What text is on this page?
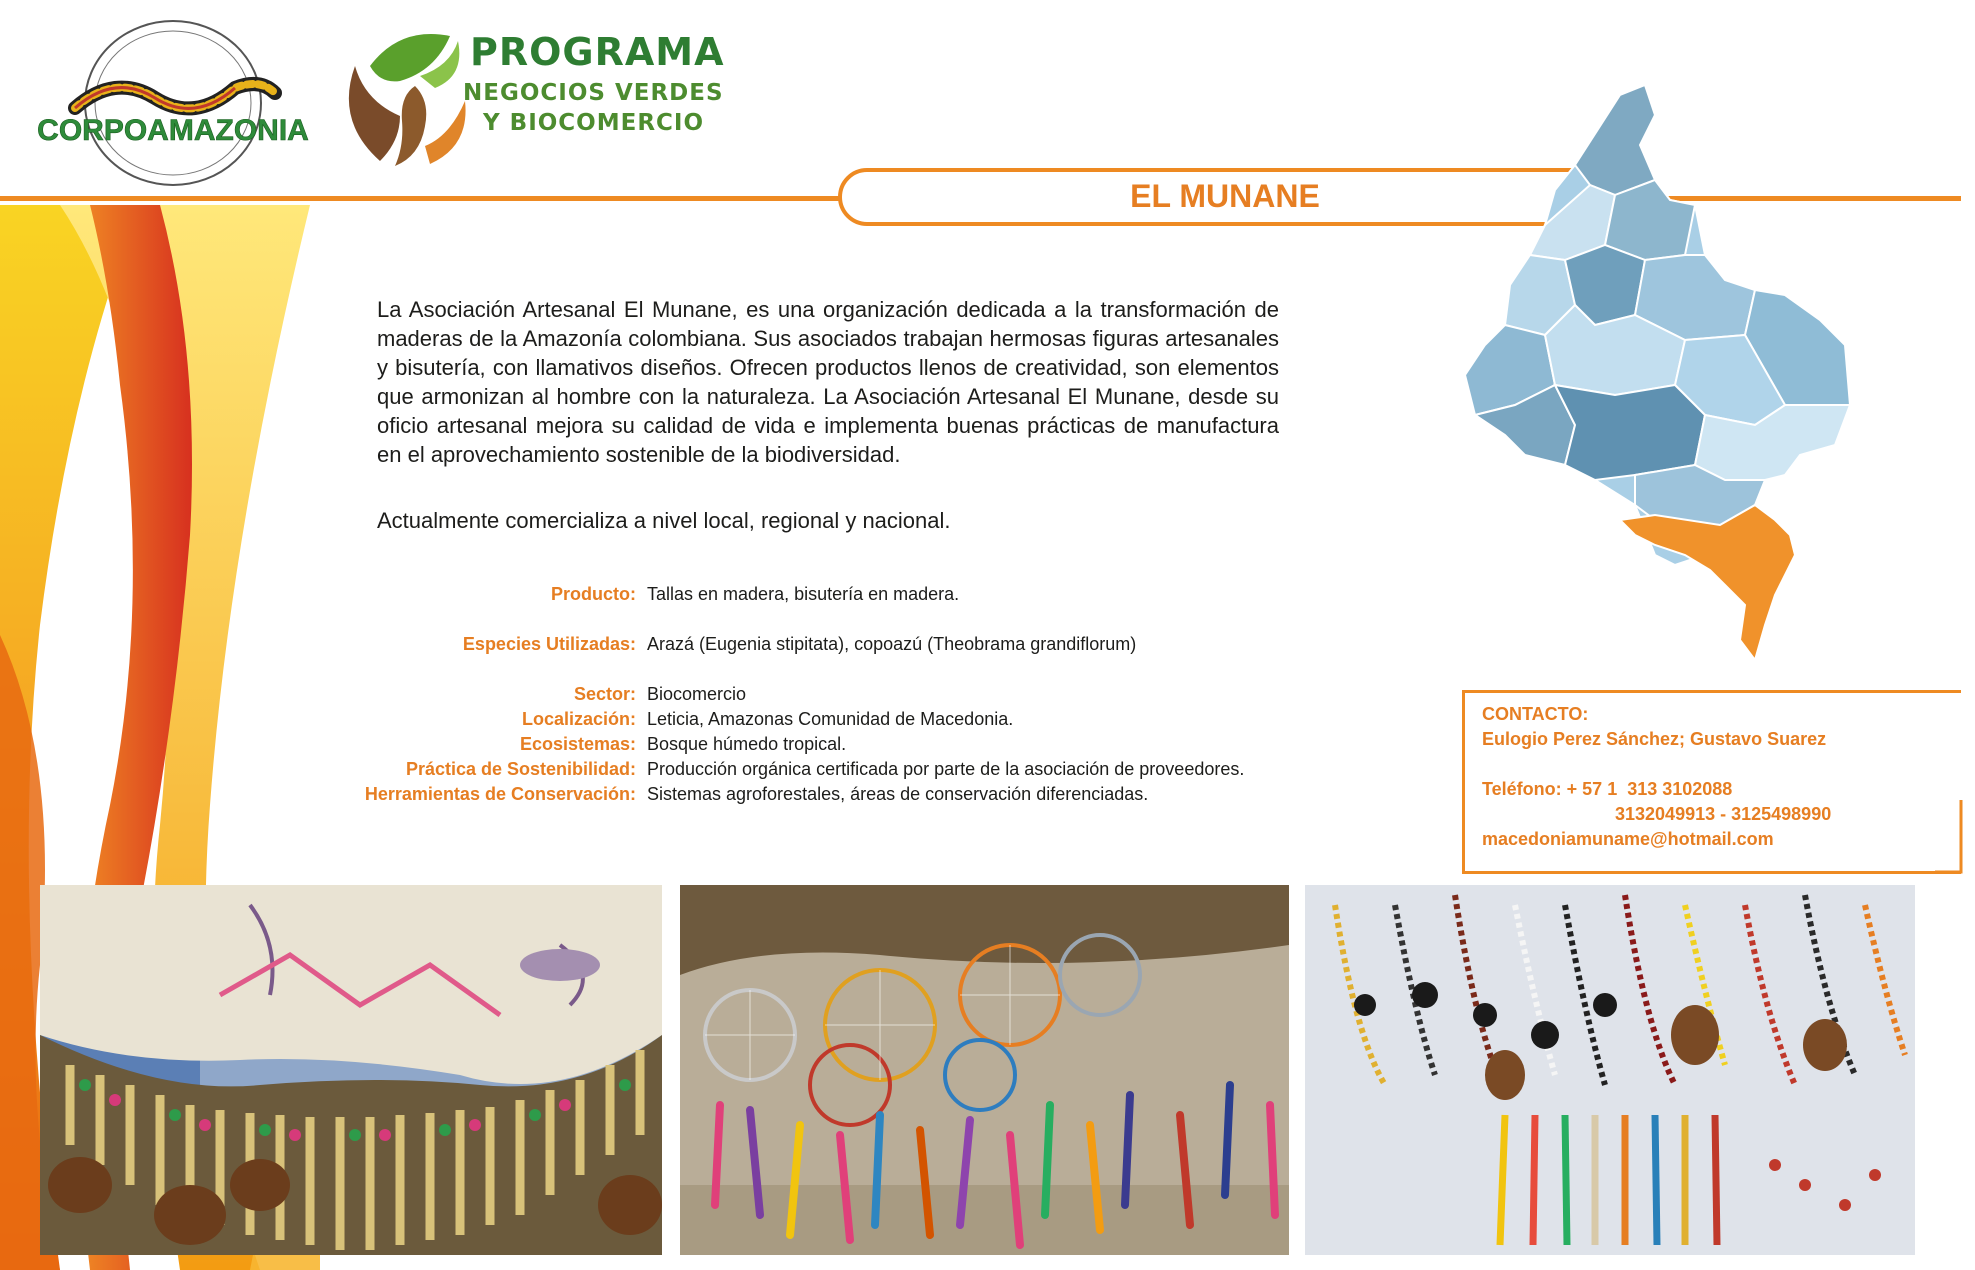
CORPOAMAZONIA
PROGRAMA
NEGOCIOS VERDES
Y BIOCOMERCIO
EL MUNANE
La Asociación Artesanal El Munane, es una organización dedicada a la transformación de maderas de la Amazonía colombiana. Sus asociados trabajan hermosas figuras artesanales y bisutería, con llamativos diseños. Ofrecen productos llenos de creatividad, son elementos que armonizan al hombre con la naturaleza. La Asociación Artesanal El Munane, desde su oficio artesanal mejora su calidad de vida e implementa buenas prácticas de manufactura en el aprovechamiento sostenible de la biodiversidad.
Actualmente comercializa a nivel local, regional y nacional.
Producto: Tallas en madera, bisutería en madera.
Especies Utilizadas: Arazá (Eugenia stipitata), copoazú (Theobrama grandiflorum)
Sector: Biocomercio
Localización: Leticia, Amazonas Comunidad de Macedonia.
Ecosistemas: Bosque húmedo tropical.
Práctica de Sostenibilidad: Producción orgánica certificada por parte de la asociación de proveedores.
Herramientas de Conservación: Sistemas agroforestales, áreas de conservación diferenciadas.
CONTACTO:
Eulogio Perez Sánchez; Gustavo Suarez
Teléfono: + 57 1  313 3102088
3132049913 - 3125498990
macedoniamuname@hotmail.com
